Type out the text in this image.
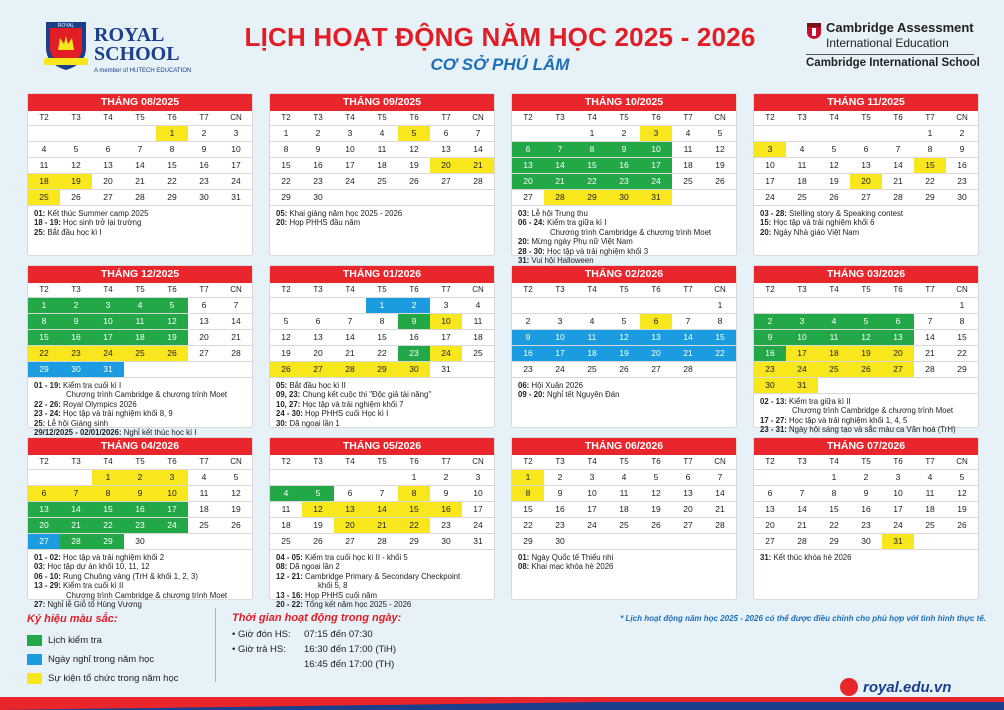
ROYAL ROYAL
SCHOOL
A member of HUTECH EDUCATION
LỊCH HOẠT ĐỘNG NĂM HỌC 2025 - 2026
CƠ SỞ PHÚ LÂM
Cambridge Assessment
International Education
Cambridge International School
THÁNG 08/2025
T2	T3	T4	T5	T6	T7	CN
				1	2	3
4	5	6	7	8	9	10
11	12	13	14	15	16	17
18	19	20	21	22	23	24
25	26	27	28	29	30	31
01: Kết thúc Summer camp 2025
18 - 19: Học sinh trở lại trường
25: Bắt đầu học kì I
THÁNG 09/2025
T2	T3	T4	T5	T6	T7	CN
1	2	3	4	5	6	7
8	9	10	11	12	13	14
15	16	17	18	19	20	21
22	23	24	25	26	27	28
29	30					
05: Khai giảng năm học 2025 - 2026
20: Họp PHHS đầu năm
THÁNG 10/2025
T2	T3	T4	T5	T6	T7	CN
		1	2	3	4	5
6	7	8	9	10	11	12
13	14	15	16	17	18	19
20	21	22	23	24	25	26
27	28	29	30	31		
03: Lễ hội Trung thu
06 - 24: Kiểm tra giữa kì I
Chương trình Cambridge & chương trình Moet
20: Mừng ngày Phụ nữ Việt Nam
28 - 30: Học tập và trải nghiệm khối 3
31: Vui hội Halloween
THÁNG 11/2025
T2	T3	T4	T5	T6	T7	CN
					1	2
3	4	5	6	7	8	9
10	11	12	13	14	15	16
17	18	19	20	21	22	23
24	25	26	27	28	29	30
03 - 28: Stelling story & Speaking contest
15: Học tập và trải nghiệm khối 6
20: Ngày Nhà giáo Việt Nam
THÁNG 12/2025
T2	T3	T4	T5	T6	T7	CN
1	2	3	4	5	6	7
8	9	10	11	12	13	14
15	16	17	18	19	20	21
22	23	24	25	26	27	28
29	30	31				
01 - 19: Kiểm tra cuối kì I
Chương trình Cambridge & chương trình Moet
22 - 26: Royal Olympics 2026
23 - 24: Học tập và trải nghiệm khối 8, 9
25: Lễ hội Giáng sinh
29/12/2025 - 02/01/2026: Nghỉ kết thúc học kì I
THÁNG 01/2026
T2	T3	T4	T5	T6	T7	CN
			1	2	3	4
5	6	7	8	9	10	11
12	13	14	15	16	17	18
19	20	21	22	23	24	25
26	27	28	29	30	31	
05: Bắt đầu học kì II
09, 23: Chung kết cuộc thi "Độc giả tài năng"
10, 27: Học tập và trải nghiệm khối 7
24 - 30: Họp PHHS cuối Học kì I
30: Dã ngoại lần 1
THÁNG 02/2026
T2	T3	T4	T5	T6	T7	CN
						1
2	3	4	5	6	7	8
9	10	11	12	13	14	15
16	17	18	19	20	21	22
23	24	25	26	27	28	
06: Hội Xuân 2026
09 - 20: Nghỉ tết Nguyên Đán
THÁNG 03/2026
T2	T3	T4	T5	T6	T7	CN
						1
2	3	4	5	6	7	8
9	10	11	12	13	14	15
16	17	18	19	20	21	22
23	24	25	26	27	28	29
30	31					
02 - 13: Kiểm tra giữa kì II
Chương trình Cambridge & chương trình Moet
17 - 27: Học tập và trải nghiệm khối 1, 4, 5
23 - 31: Ngày hội sáng tạo và sắc màu ca Văn hoá (TrH)
THÁNG 04/2026
T2	T3	T4	T5	T6	T7	CN
		1	2	3	4	5
6	7	8	9	10	11	12
13	14	15	16	17	18	19
20	21	22	23	24	25	26
27	28	29	30			
01 - 02: Học tập và trải nghiệm khối 2
03: Học tập dự án khối 10, 11, 12
06 - 10: Rung Chuông vàng (TrH & khối 1, 2, 3)
13 - 29: Kiểm tra cuối kì II
Chương trình Cambridge & chương trình Moet
27: Nghỉ lễ Giỗ tổ Hùng Vương
THÁNG 05/2026
T2	T3	T4	T5	T6	T7	CN
				1	2	3
4	5	6	7	8	9	10
11	12	13	14	15	16	17
18	19	20	21	22	23	24
25	26	27	28	29	30	31
04 - 05: Kiểm tra cuối học kì II - khối 5
08: Dã ngoại lần 2
12 - 21: Cambridge Primary & Secondary Checkpoint
khối 5, 8
13 - 16: Họp PHHS cuối năm
20 - 22: Tổng kết năm học 2025 - 2026
THÁNG 06/2026
T2	T3	T4	T5	T6	T7	CN
1	2	3	4	5	6	7
8	9	10	11	12	13	14
15	16	17	18	19	20	21
22	23	24	25	26	27	28
29	30					
01: Ngày Quốc tế Thiếu nhi
08: Khai mạc khóa hè 2026
THÁNG 07/2026
T2	T3	T4	T5	T6	T7	CN
		1	2	3	4	5
6	7	8	9	10	11	12
13	14	15	16	17	18	19
20	21	22	23	24	25	26
27	28	29	30	31		
31: Kết thúc khóa hè 2026
Ký hiệu màu sắc:
Lịch kiểm tra
Ngày nghỉ trong năm học
Sự kiện tổ chức trong năm học
Thời gian hoạt động trong ngày:
• Giờ đón HS:	07:15 đến 07:30
• Giờ trả HS:	16:30 đến 17:00 (TiH)
16:45 đến 17:00 (TH)
* Lịch hoạt động năm học 2025 - 2026 có thể được điều chỉnh cho phù hợp với tình hình thực tế.
royal.edu.vn
